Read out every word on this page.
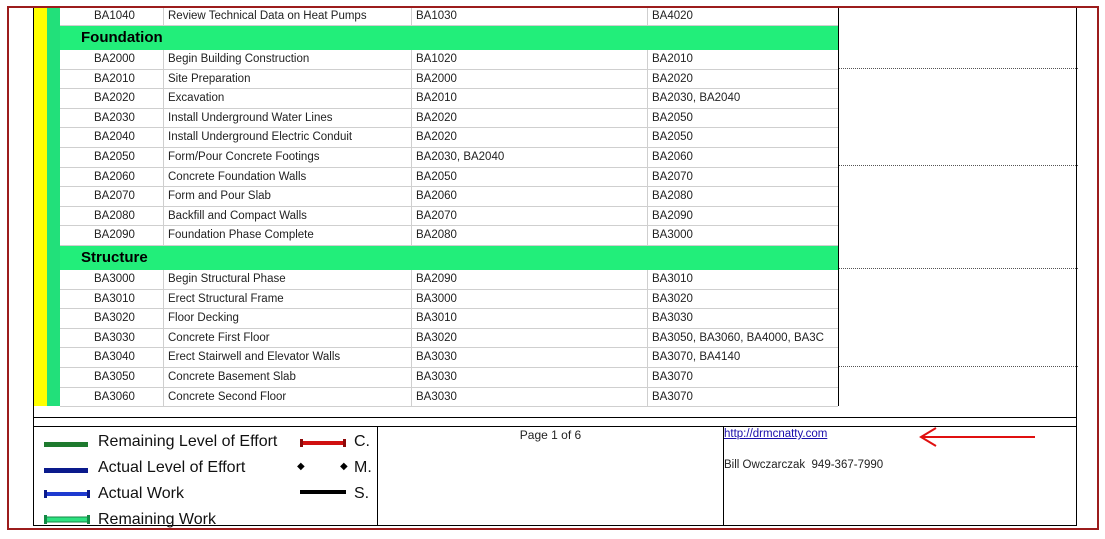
BA1040	Review Technical Data on Heat Pumps	BA1030	BA4020
Foundation
BA2000	Begin Building Construction	BA1020	BA2010
BA2010	Site Preparation	BA2000	BA2020
BA2020	Excavation	BA2010	BA2030, BA2040
BA2030	Install Underground Water Lines	BA2020	BA2050
BA2040	Install Underground Electric Conduit	BA2020	BA2050
BA2050	Form/Pour Concrete Footings	BA2030, BA2040	BA2060
BA2060	Concrete Foundation Walls	BA2050	BA2070
BA2070	Form and Pour Slab	BA2060	BA2080
BA2080	Backfill and Compact Walls	BA2070	BA2090
BA2090	Foundation Phase Complete	BA2080	BA3000
Structure
BA3000	Begin Structural Phase	BA2090	BA3010
BA3010	Erect Structural Frame	BA3000	BA3020
BA3020	Floor Decking	BA3010	BA3030
BA3030	Concrete First Floor	BA3020	BA3050, BA3060, BA4000, BA3C
BA3040	Erect Stairwell and Elevator Walls	BA3030	BA3070, BA4140
BA3050	Concrete Basement Slab	BA3030	BA3070
BA3060	Concrete Second Floor	BA3030	BA3070
Remaining Level of Effort
Actual Level of Effort
Actual Work
Remaining Work
C.
◆	◆ M.
S.
Page 1 of 6	http://drmcnatty.com
Bill Owczarczak  949-367-7990
